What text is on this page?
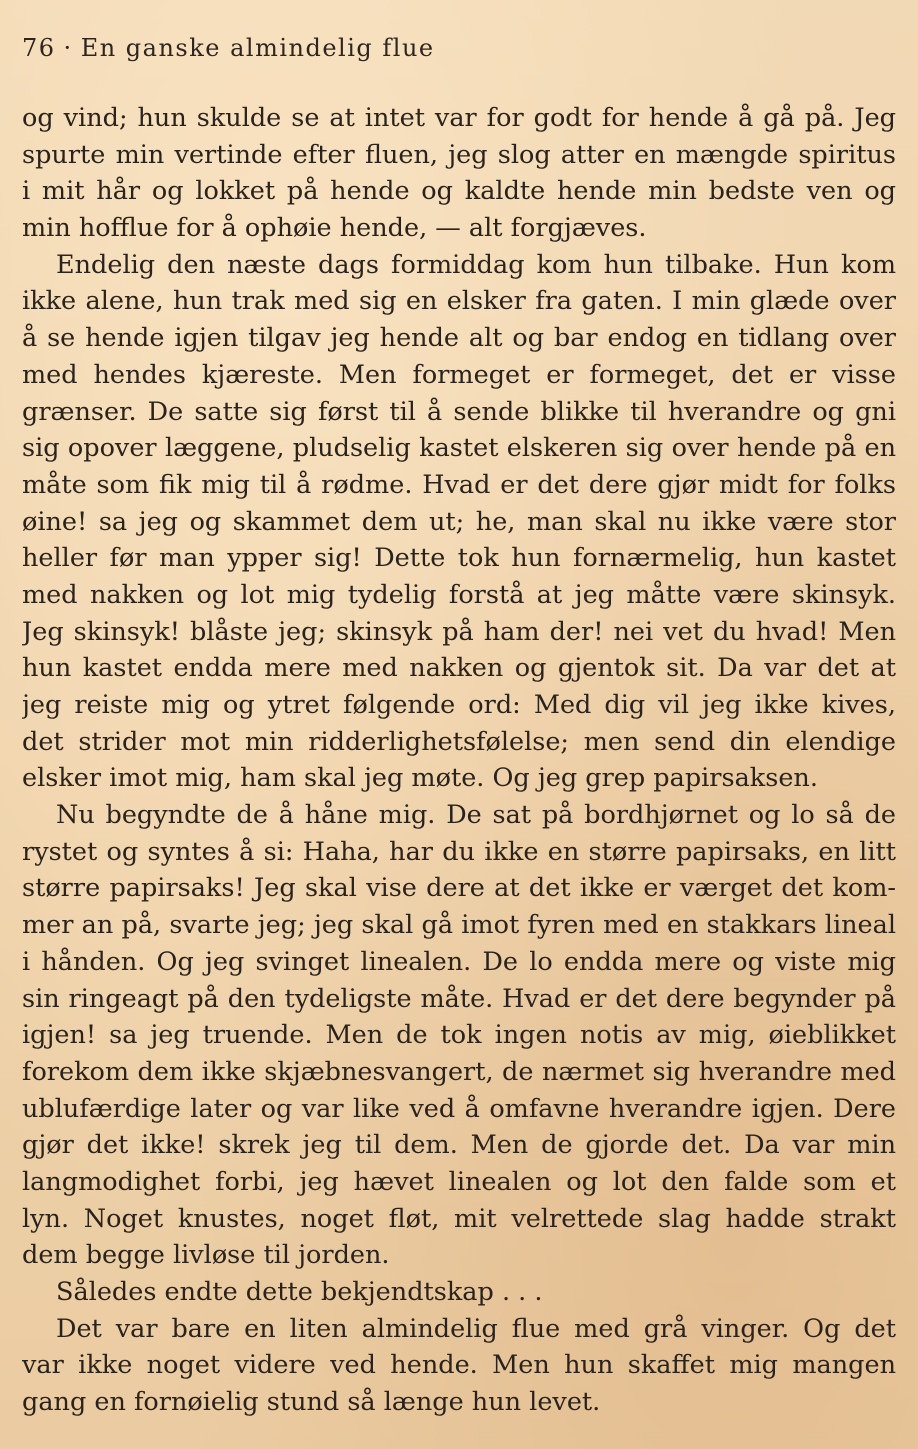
76 · En ganske almindelig flue
og vind; hun skulde se at intet var for godt for hende å gå på. Jeg
spurte min vertinde efter fluen, jeg slog atter en mængde spiritus
i mit hår og lokket på hende og kaldte hende min bedste ven og
min hofflue for å ophøie hende, — alt forgjæves.
Endelig den næste dags formiddag kom hun tilbake. Hun kom
ikke alene, hun trak med sig en elsker fra gaten. I min glæde over
å se hende igjen tilgav jeg hende alt og bar endog en tidlang over
med hendes kjæreste. Men formeget er formeget, det er visse
grænser. De satte sig først til å sende blikke til hverandre og gni
sig opover læggene, pludselig kastet elskeren sig over hende på en
måte som fik mig til å rødme. Hvad er det dere gjør midt for folks
øine! sa jeg og skammet dem ut; he, man skal nu ikke være stor
heller før man ypper sig! Dette tok hun fornærmelig, hun kastet
med nakken og lot mig tydelig forstå at jeg måtte være skinsyk.
Jeg skinsyk! blåste jeg; skinsyk på ham der! nei vet du hvad! Men
hun kastet endda mere med nakken og gjentok sit. Da var det at
jeg reiste mig og ytret følgende ord: Med dig vil jeg ikke kives,
det strider mot min ridderlighetsfølelse; men send din elendige
elsker imot mig, ham skal jeg møte. Og jeg grep papirsaksen.
Nu begyndte de å håne mig. De sat på bordhjørnet og lo så de
rystet og syntes å si: Haha, har du ikke en større papirsaks, en litt
større papirsaks! Jeg skal vise dere at det ikke er værget det kom-
mer an på, svarte jeg; jeg skal gå imot fyren med en stakkars lineal
i hånden. Og jeg svinget linealen. De lo endda mere og viste mig
sin ringeagt på den tydeligste måte. Hvad er det dere begynder på
igjen! sa jeg truende. Men de tok ingen notis av mig, øieblikket
forekom dem ikke skjæbnesvangert, de nærmet sig hverandre med
ublufærdige later og var like ved å omfavne hverandre igjen. Dere
gjør det ikke! skrek jeg til dem. Men de gjorde det. Da var min
langmodighet forbi, jeg hævet linealen og lot den falde som et
lyn. Noget knustes, noget fløt, mit velrettede slag hadde strakt
dem begge livløse til jorden.
Således endte dette bekjendtskap . . .
Det var bare en liten almindelig flue med grå vinger. Og det
var ikke noget videre ved hende. Men hun skaffet mig mangen
gang en fornøielig stund så længe hun levet.
